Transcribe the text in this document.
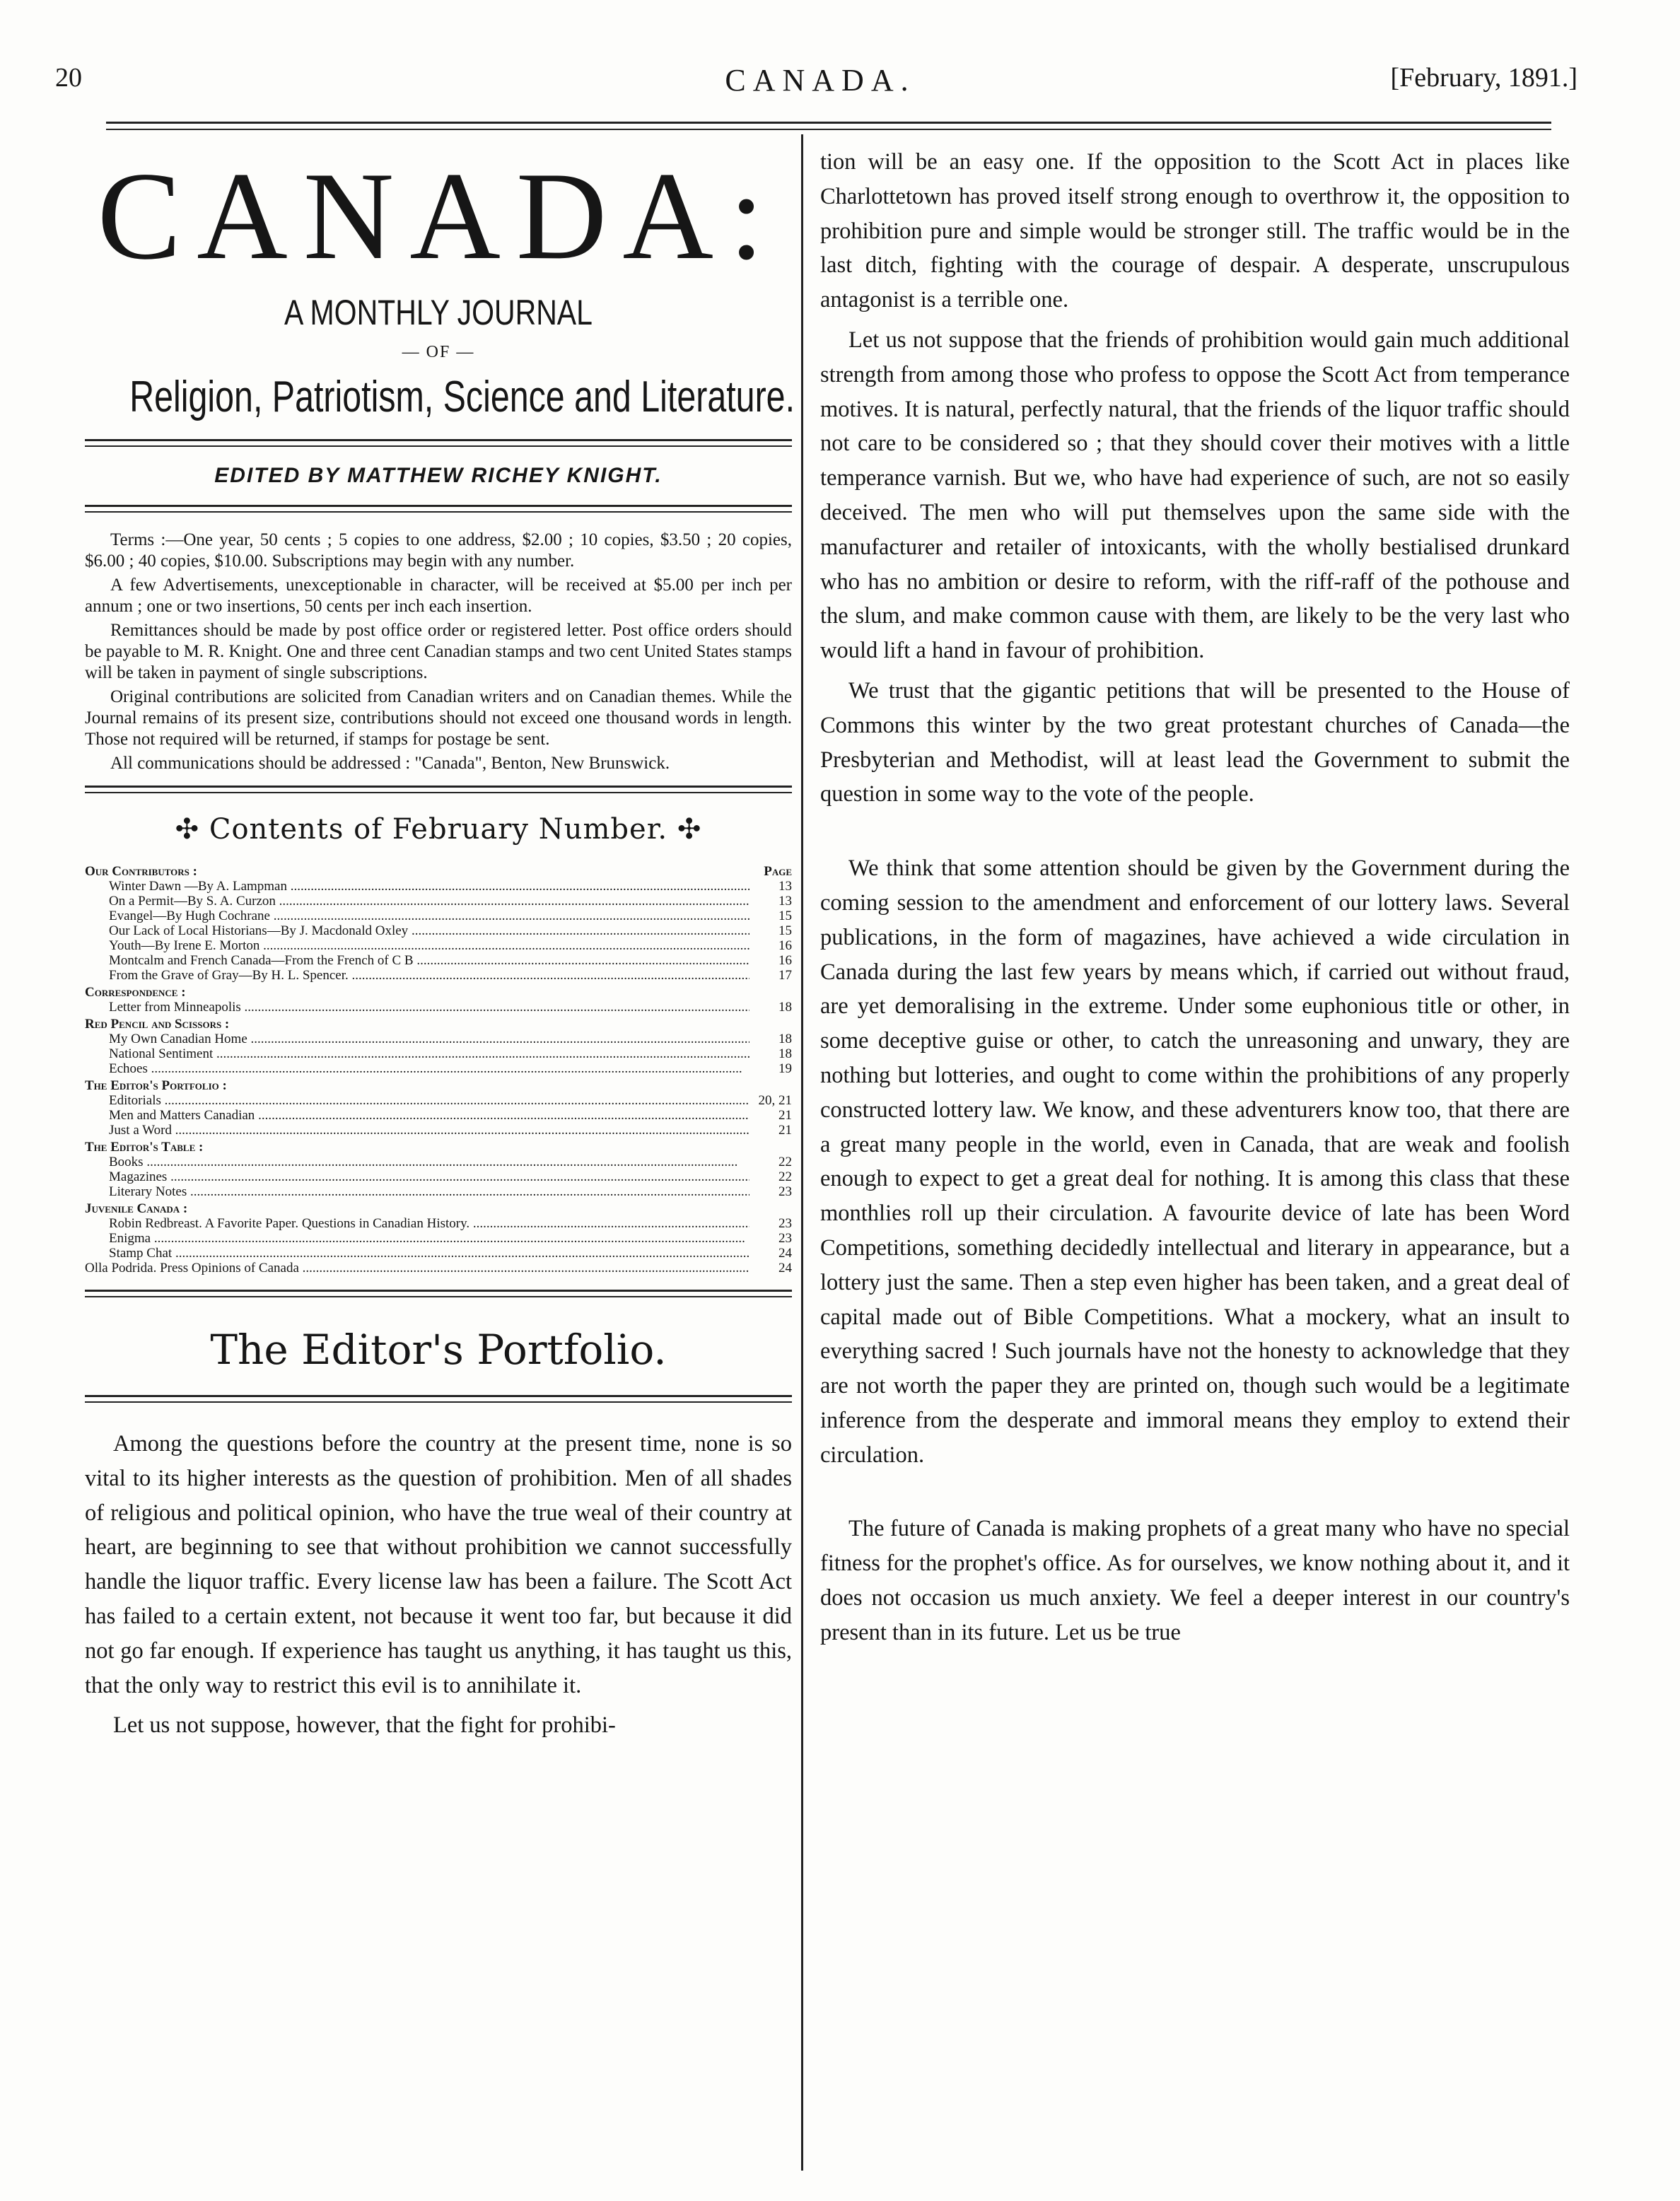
20	CANADA.	[February, 1891.]
CANADA:
A MONTHLY JOURNAL
— OF —
Religion, Patriotism, Science and Literature.
EDITED BY MATTHEW RICHEY KNIGHT.

Terms :—One year, 50 cents ; 5 copies to one address, $2.00 ; 10 copies, $3.50 ; 20 copies, $6.00 ; 40 copies, $10.00. Subscriptions may begin with any number.

A few Advertisements, unexceptionable in character, will be received at $5.00 per inch per annum ; one or two insertions, 50 cents per inch each insertion.

Remittances should be made by post office order or registered letter. Post office orders should be payable to M. R. Knight. One and three cent Canadian stamps and two cent United States stamps will be taken in payment of single subscriptions.

Original contributions are solicited from Canadian writers and on Canadian themes. While the Journal remains of its present size, contributions should not exceed one thousand words in length. Those not required will be returned, if stamps for postage be sent.

All communications should be addressed : "Canada", Benton, New Brunswick.

✣ Contents of February Number. ✣
Our Contributors :	Page
Winter Dawn —By A. Lampman .....	13
On a Permit—By S. A. Curzon .....	13
Evangel—By Hugh Cochrane .....	15
Our Lack of Local Historians—By J. Macdonald Oxley .....	15
Youth—By Irene E. Morton .....	16
Montcalm and French Canada—From the French of C B .....	16
From the Grave of Gray—By H. L. Spencer. .....	17
Correspondence :
Letter from Minneapolis .....	18
Red Pencil and Scissors :
My Own Canadian Home .....	18
National Sentiment .....	18
Echoes .....	19
The Editor's Portfolio :
Editorials .....	20, 21
Men and Matters Canadian .....	21
Just a Word .....	21
The Editor's Table :
Books .....	22
Magazines .....	22
Literary Notes .....	23
Juvenile Canada :
Robin Redbreast. A Favorite Paper. Questions in Canadian History. .....	23
Enigma .....	23
Stamp Chat .....	24
Olla Podrida. Press Opinions of Canada .....	24
The Editor's Portfolio.

Among the questions before the country at the present time, none is so vital to its higher interests as the question of prohibition. Men of all shades of religious and political opinion, who have the true weal of their country at heart, are beginning to see that without prohibition we cannot successfully handle the liquor traffic. Every license law has been a failure. The Scott Act has failed to a certain extent, not because it went too far, but because it did not go far enough. If experience has taught us anything, it has taught us this, that the only way to restrict this evil is to annihilate it.

Let us not suppose, however, that the fight for prohibi-

tion will be an easy one. If the opposition to the Scott Act in places like Charlottetown has proved itself strong enough to overthrow it, the opposition to prohibition pure and simple would be stronger still. The traffic would be in the last ditch, fighting with the courage of despair. A desperate, unscrupulous antagonist is a terrible one.

Let us not suppose that the friends of prohibition would gain much additional strength from among those who profess to oppose the Scott Act from temperance motives. It is natural, perfectly natural, that the friends of the liquor traffic should not care to be considered so ; that they should cover their motives with a little temperance varnish. But we, who have had experience of such, are not so easily deceived. The men who will put themselves upon the same side with the manufacturer and retailer of intoxicants, with the wholly bestialised drunkard who has no ambition or desire to reform, with the riff-raff of the pothouse and the slum, and make common cause with them, are likely to be the very last who would lift a hand in favour of prohibition.

We trust that the gigantic petitions that will be presented to the House of Commons this winter by the two great protestant churches of Canada—the Presbyterian and Methodist, will at least lead the Government to submit the question in some way to the vote of the people.

We think that some attention should be given by the Government during the coming session to the amendment and enforcement of our lottery laws. Several publications, in the form of magazines, have achieved a wide circulation in Canada during the last few years by means which, if carried out without fraud, are yet demoralising in the extreme. Under some euphonious title or other, in some deceptive guise or other, to catch the unreasoning and unwary, they are nothing but lotteries, and ought to come within the prohibitions of any properly constructed lottery law. We know, and these adventurers know too, that there are a great many people in the world, even in Canada, that are weak and foolish enough to expect to get a great deal for nothing. It is among this class that these monthlies roll up their circulation. A favourite device of late has been Word Competitions, something decidedly intellectual and literary in appearance, but a lottery just the same. Then a step even higher has been taken, and a great deal of capital made out of Bible Competitions. What a mockery, what an insult to everything sacred ! Such journals have not the honesty to acknowledge that they are not worth the paper they are printed on, though such would be a legitimate inference from the desperate and immoral means they employ to extend their circulation.

The future of Canada is making prophets of a great many who have no special fitness for the prophet's office. As for ourselves, we know nothing about it, and it does not occasion us much anxiety. We feel a deeper interest in our country's present than in its future. Let us be true
